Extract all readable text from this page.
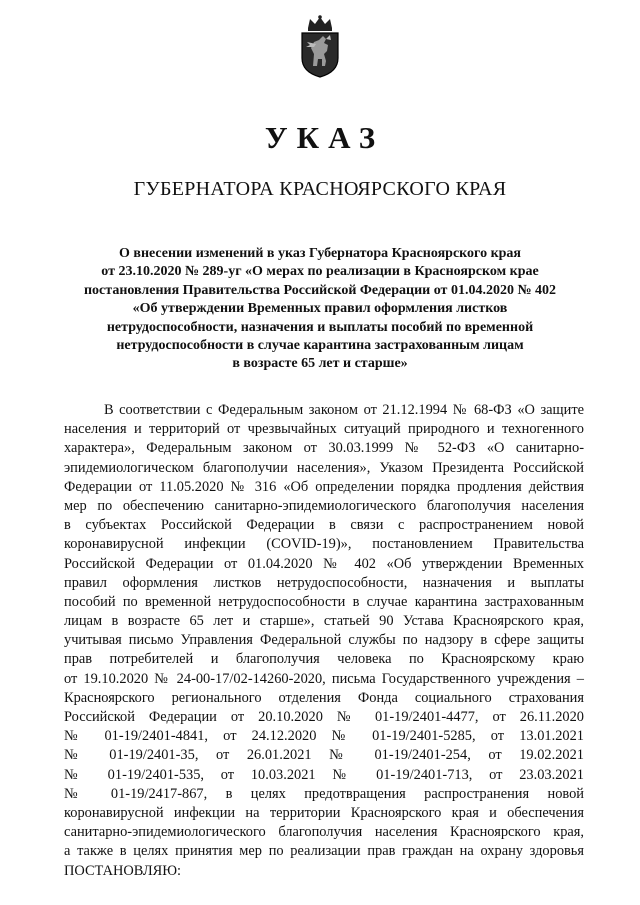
УКАЗ
ГУБЕРНАТОРА КРАСНОЯРСКОГО КРАЯ
О внесении изменений в указ Губернатора Красноярского края
от 23.10.2020 № 289-уг «О мерах по реализации в Красноярском крае
постановления Правительства Российской Федерации от 01.04.2020 № 402
«Об утверждении Временных правил оформления листков
нетрудоспособности, назначения и выплаты пособий по временной
нетрудоспособности в случае карантина застрахованным лицам
в возрасте 65 лет и старше»
В соответствии с Федеральным законом от 21.12.1994 № 68-ФЗ «О защите
населения и территорий от чрезвычайных ситуаций природного и техногенного
характера», Федеральным законом от 30.03.1999 № 52-ФЗ «О санитарно-
эпидемиологическом благополучии населения», Указом Президента Российской
Федерации от 11.05.2020 № 316 «Об определении порядка продления действия
мер по обеспечению санитарно-эпидемиологического благополучия населения
в субъектах Российской Федерации в связи с распространением новой
коронавирусной инфекции (COVID-19)», постановлением Правительства
Российской Федерации от 01.04.2020 № 402 «Об утверждении Временных
правил оформления листков нетрудоспособности, назначения и выплаты
пособий по временной нетрудоспособности в случае карантина застрахованным
лицам в возрасте 65 лет и старше», статьей 90 Устава Красноярского края,
учитывая письмо Управления Федеральной службы по надзору в сфере защиты
прав потребителей и благополучия человека по Красноярскому краю
от 19.10.2020 № 24-00-17/02-14260-2020, письма Государственного учреждения –
Красноярского регионального отделения Фонда социального страхования
Российской Федерации от 20.10.2020 № 01-19/2401-4477, от 26.11.2020
№ 01-19/2401-4841, от 24.12.2020 № 01-19/2401-5285, от 13.01.2021
№ 01-19/2401-35, от 26.01.2021 № 01-19/2401-254, от 19.02.2021
№ 01-19/2401-535, от 10.03.2021 № 01-19/2401-713, от 23.03.2021
№ 01-19/2417-867, в целях предотвращения распространения новой
коронавирусной инфекции на территории Красноярского края и обеспечения
санитарно-эпидемиологического благополучия населения Красноярского края,
а также в целях принятия мер по реализации прав граждан на охрану здоровья
ПОСТАНОВЛЯЮ:
